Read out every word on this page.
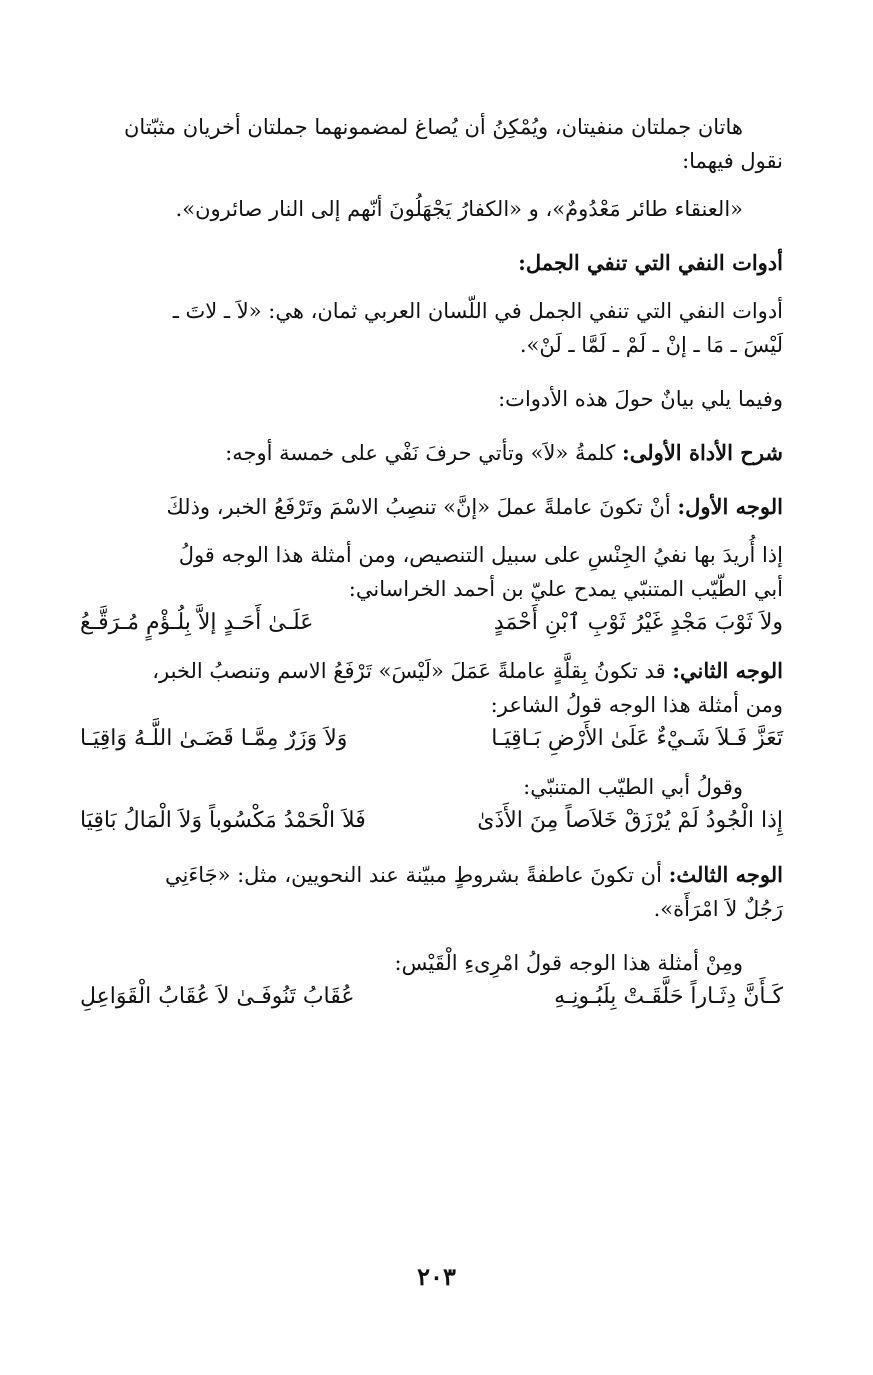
هاتان جملتان منفيتان، ويُمْكِنُ أن يُصاغ لمضمونهما جملتان أخريان مثبّتان

نقول فيهما:

«العنقاء طائر مَعْدُومٌ»، و «الكفارُ يَجْهَلُونَ أنّهم إلى النار صائرون».

أدوات النفي التي تنفي الجمل:

أدوات النفي التي تنفي الجمل في اللّسان العربي ثمان، هي: «لاَ ـ لاتَ ـ

لَيْسَ ـ مَا ـ إنْ ـ لَمْ ـ لَمَّا ـ لَنْ».

وفيما يلي بيانٌ حولَ هذه الأدوات:

شرح الأداة الأولى: كلمةُ «لاَ» وتأتي حرفَ نَفْي على خمسة أوجه:

الوجه الأول: أنْ تكونَ عاملةً عملَ «إنَّ» تنصِبُ الاسْمَ وتَرْفَعُ الخبر، وذلكَ

إذا أُريدَ بها نفيُ الجِنْسِ على سبيل التنصيص، ومن أمثلة هذا الوجه قولُ

أبي الطّيّب المتنبّي يمدح عليّ بن أحمد الخراساني:

ولاَ ثَوْبَ مَجْدٍ غَيْرُ ثَوْبِ ٱبْنِ أَحْمَدٍ
عَلَـىٰ أَحَـدٍ إلاَّ بِلُـؤْمٍ مُـرَقَّـعُ

الوجه الثاني: قد تكونُ بِقلَّةٍ عاملةً عَمَلَ «لَيْسَ» تَرْفَعُ الاسم وتنصبُ الخبر،

ومن أمثلة هذا الوجه قولُ الشاعر:

تَعَزَّ فَـلاَ شَـيْءٌ عَلَىٰ الأَرْضِ بَـاقِيَـا
وَلاَ وَزَرٌ مِمَّـا قَضَـىٰ اللَّـهُ وَاقِيَـا

وقولُ أبي الطيّب المتنبّي:

إِذا الْجُودُ لَمْ يُرْزَقْ خَلاَصاً مِنَ الأَذَىٰ
فَلاَ الْحَمْدُ مَكْسُوباً وَلاَ الْمَالُ بَاقِيَا

الوجه الثالث: أن تكونَ عاطفةً بشروطٍ مبيّنة عند النحويين، مثل: «جَاءَنِي

رَجُلٌ لاَ امْرَأَة».

ومِنْ أمثلة هذا الوجه قولُ امْرِىءِ الْقَيْس:

كَـأَنَّ دِثَـاراً حَلَّقَـتْ بِلَبُـونِـهِ
عُقَابُ تَنُوفَـىٰ لاَ عُقَابُ الْقَوَاعِلِ
٢٠٣
